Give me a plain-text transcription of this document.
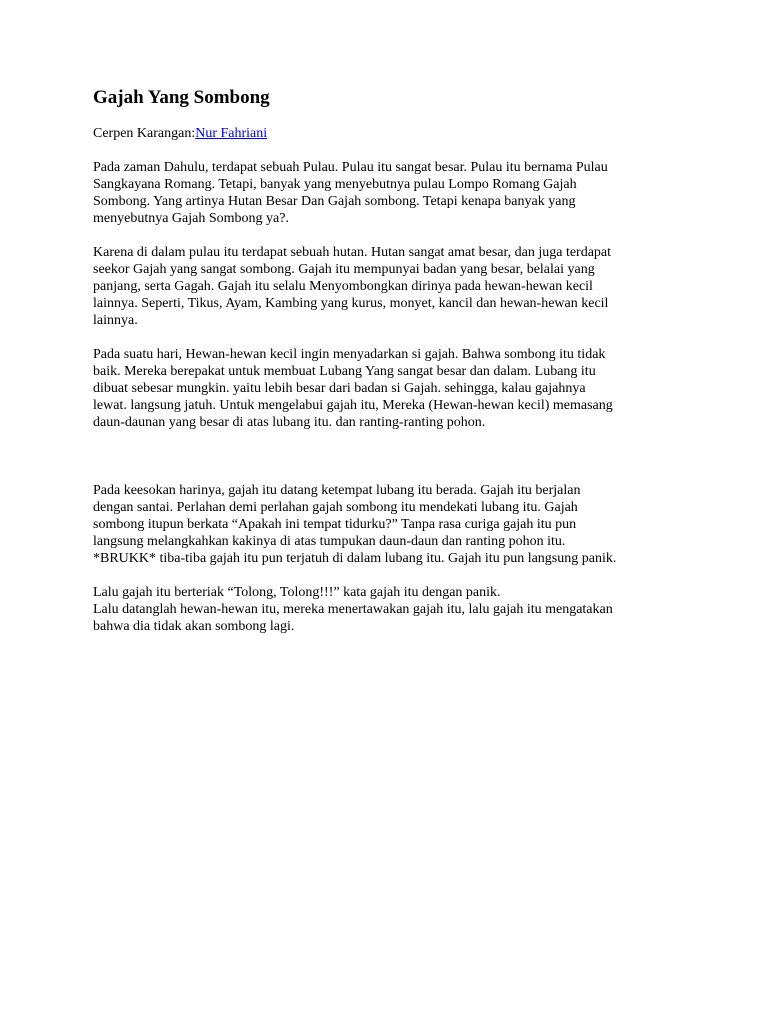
Gajah Yang Sombong
Cerpen Karangan:Nur Fahriani

Pada zaman Dahulu, terdapat sebuah Pulau. Pulau itu sangat besar. Pulau itu bernama Pulau
Sangkayana Romang. Tetapi, banyak yang menyebutnya pulau Lompo Romang Gajah
Sombong. Yang artinya Hutan Besar Dan Gajah sombong. Tetapi kenapa banyak yang
menyebutnya Gajah Sombong ya?.

Karena di dalam pulau itu terdapat sebuah hutan. Hutan sangat amat besar, dan juga terdapat
seekor Gajah yang sangat sombong. Gajah itu mempunyai badan yang besar, belalai yang
panjang, serta Gagah. Gajah itu selalu Menyombongkan dirinya pada hewan-hewan kecil
lainnya. Seperti, Tikus, Ayam, Kambing yang kurus, monyet, kancil dan hewan-hewan kecil
lainnya.

Pada suatu hari, Hewan-hewan kecil ingin menyadarkan si gajah. Bahwa sombong itu tidak
baik. Mereka berepakat untuk membuat Lubang Yang sangat besar dan dalam. Lubang itu
dibuat sebesar mungkin. yaitu lebih besar dari badan si Gajah. sehingga, kalau gajahnya
lewat. langsung jatuh. Untuk mengelabui gajah itu, Mereka (Hewan-hewan kecil) memasang
daun-daunan yang besar di atas lubang itu. dan ranting-ranting pohon.

Pada keesokan harinya, gajah itu datang ketempat lubang itu berada. Gajah itu berjalan
dengan santai. Perlahan demi perlahan gajah sombong itu mendekati lubang itu. Gajah
sombong itupun berkata “Apakah ini tempat tidurku?” Tanpa rasa curiga gajah itu pun
langsung melangkahkan kakinya di atas tumpukan daun-daun dan ranting pohon itu.
*BRUKK* tiba-tiba gajah itu pun terjatuh di dalam lubang itu. Gajah itu pun langsung panik.

Lalu gajah itu berteriak “Tolong, Tolong!!!” kata gajah itu dengan panik.

Lalu datanglah hewan-hewan itu, mereka menertawakan gajah itu, lalu gajah itu mengatakan
bahwa dia tidak akan sombong lagi.
